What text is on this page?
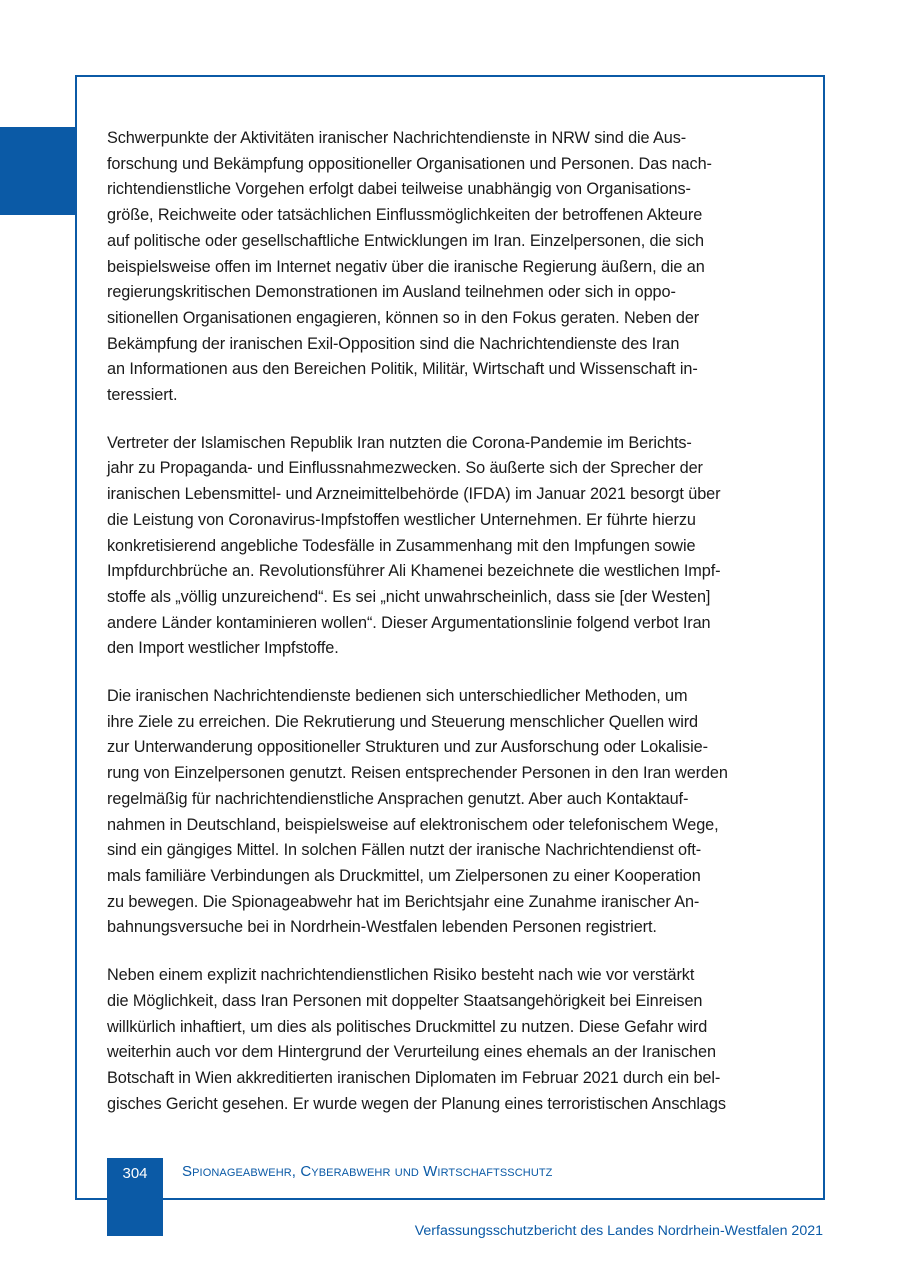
Schwerpunkte der Aktivitäten iranischer Nachrichtendienste in NRW sind die Aus-
forschung und Bekämpfung oppositioneller Organisationen und Personen. Das nach-
richtendienstliche Vorgehen erfolgt dabei teilweise unabhängig von Organisations-
größe, Reichweite oder tatsächlichen Einflussmöglichkeiten der betroffenen Akteure
auf politische oder gesellschaftliche Entwicklungen im Iran. Einzelpersonen, die sich
beispielsweise offen im Internet negativ über die iranische Regierung äußern, die an
regierungskritischen Demonstrationen im Ausland teilnehmen oder sich in oppo-
sitionellen Organisationen engagieren, können so in den Fokus geraten. Neben der
Bekämpfung der iranischen Exil-Opposition sind die Nachrichtendienste des Iran
an Informationen aus den Bereichen Politik, Militär, Wirtschaft und Wissenschaft in-
teressiert.

Vertreter der Islamischen Republik Iran nutzten die Corona-Pandemie im Berichts-
jahr zu Propaganda- und Einflussnahmezwecken. So äußerte sich der Sprecher der
iranischen Lebensmittel- und Arzneimittelbehörde (IFDA) im Januar 2021 besorgt über
die Leistung von Coronavirus-Impfstoffen westlicher Unternehmen. Er führte hierzu
konkretisierend angebliche Todesfälle in Zusammenhang mit den Impfungen sowie
Impfdurchbrüche an. Revolutionsführer Ali Khamenei bezeichnete die westlichen Impf-
stoffe als „völlig unzureichend“. Es sei „nicht unwahrscheinlich, dass sie [der Westen]
andere Länder kontaminieren wollen“. Dieser Argumentationslinie folgend verbot Iran
den Import westlicher Impfstoffe.

Die iranischen Nachrichtendienste bedienen sich unterschiedlicher Methoden, um
ihre Ziele zu erreichen. Die Rekrutierung und Steuerung menschlicher Quellen wird
zur Unterwanderung oppositioneller Strukturen und zur Ausforschung oder Lokalisie-
rung von Einzelpersonen genutzt. Reisen entsprechender Personen in den Iran werden
regelmäßig für nachrichtendienstliche Ansprachen genutzt. Aber auch Kontaktauf-
nahmen in Deutschland, beispielsweise auf elektronischem oder telefonischem Wege,
sind ein gängiges Mittel. In solchen Fällen nutzt der iranische Nachrichtendienst oft-
mals familiäre Verbindungen als Druckmittel, um Zielpersonen zu einer Kooperation
zu bewegen. Die Spionageabwehr hat im Berichtsjahr eine Zunahme iranischer An-
bahnungsversuche bei in Nordrhein-Westfalen lebenden Personen registriert.

Neben einem explizit nachrichtendienstlichen Risiko besteht nach wie vor verstärkt
die Möglichkeit, dass Iran Personen mit doppelter Staatsangehörigkeit bei Einreisen
willkürlich inhaftiert, um dies als politisches Druckmittel zu nutzen. Diese Gefahr wird
weiterhin auch vor dem Hintergrund der Verurteilung eines ehemals an der Iranischen
Botschaft in Wien akkreditierten iranischen Diplomaten im Februar 2021 durch ein bel-
gisches Gericht gesehen. Er wurde wegen der Planung eines terroristischen Anschlags

304	Spionageabwehr, Cyberabwehr und Wirtschaftsschutz
Verfassungsschutzbericht des Landes Nordrhein-Westfalen 2021
